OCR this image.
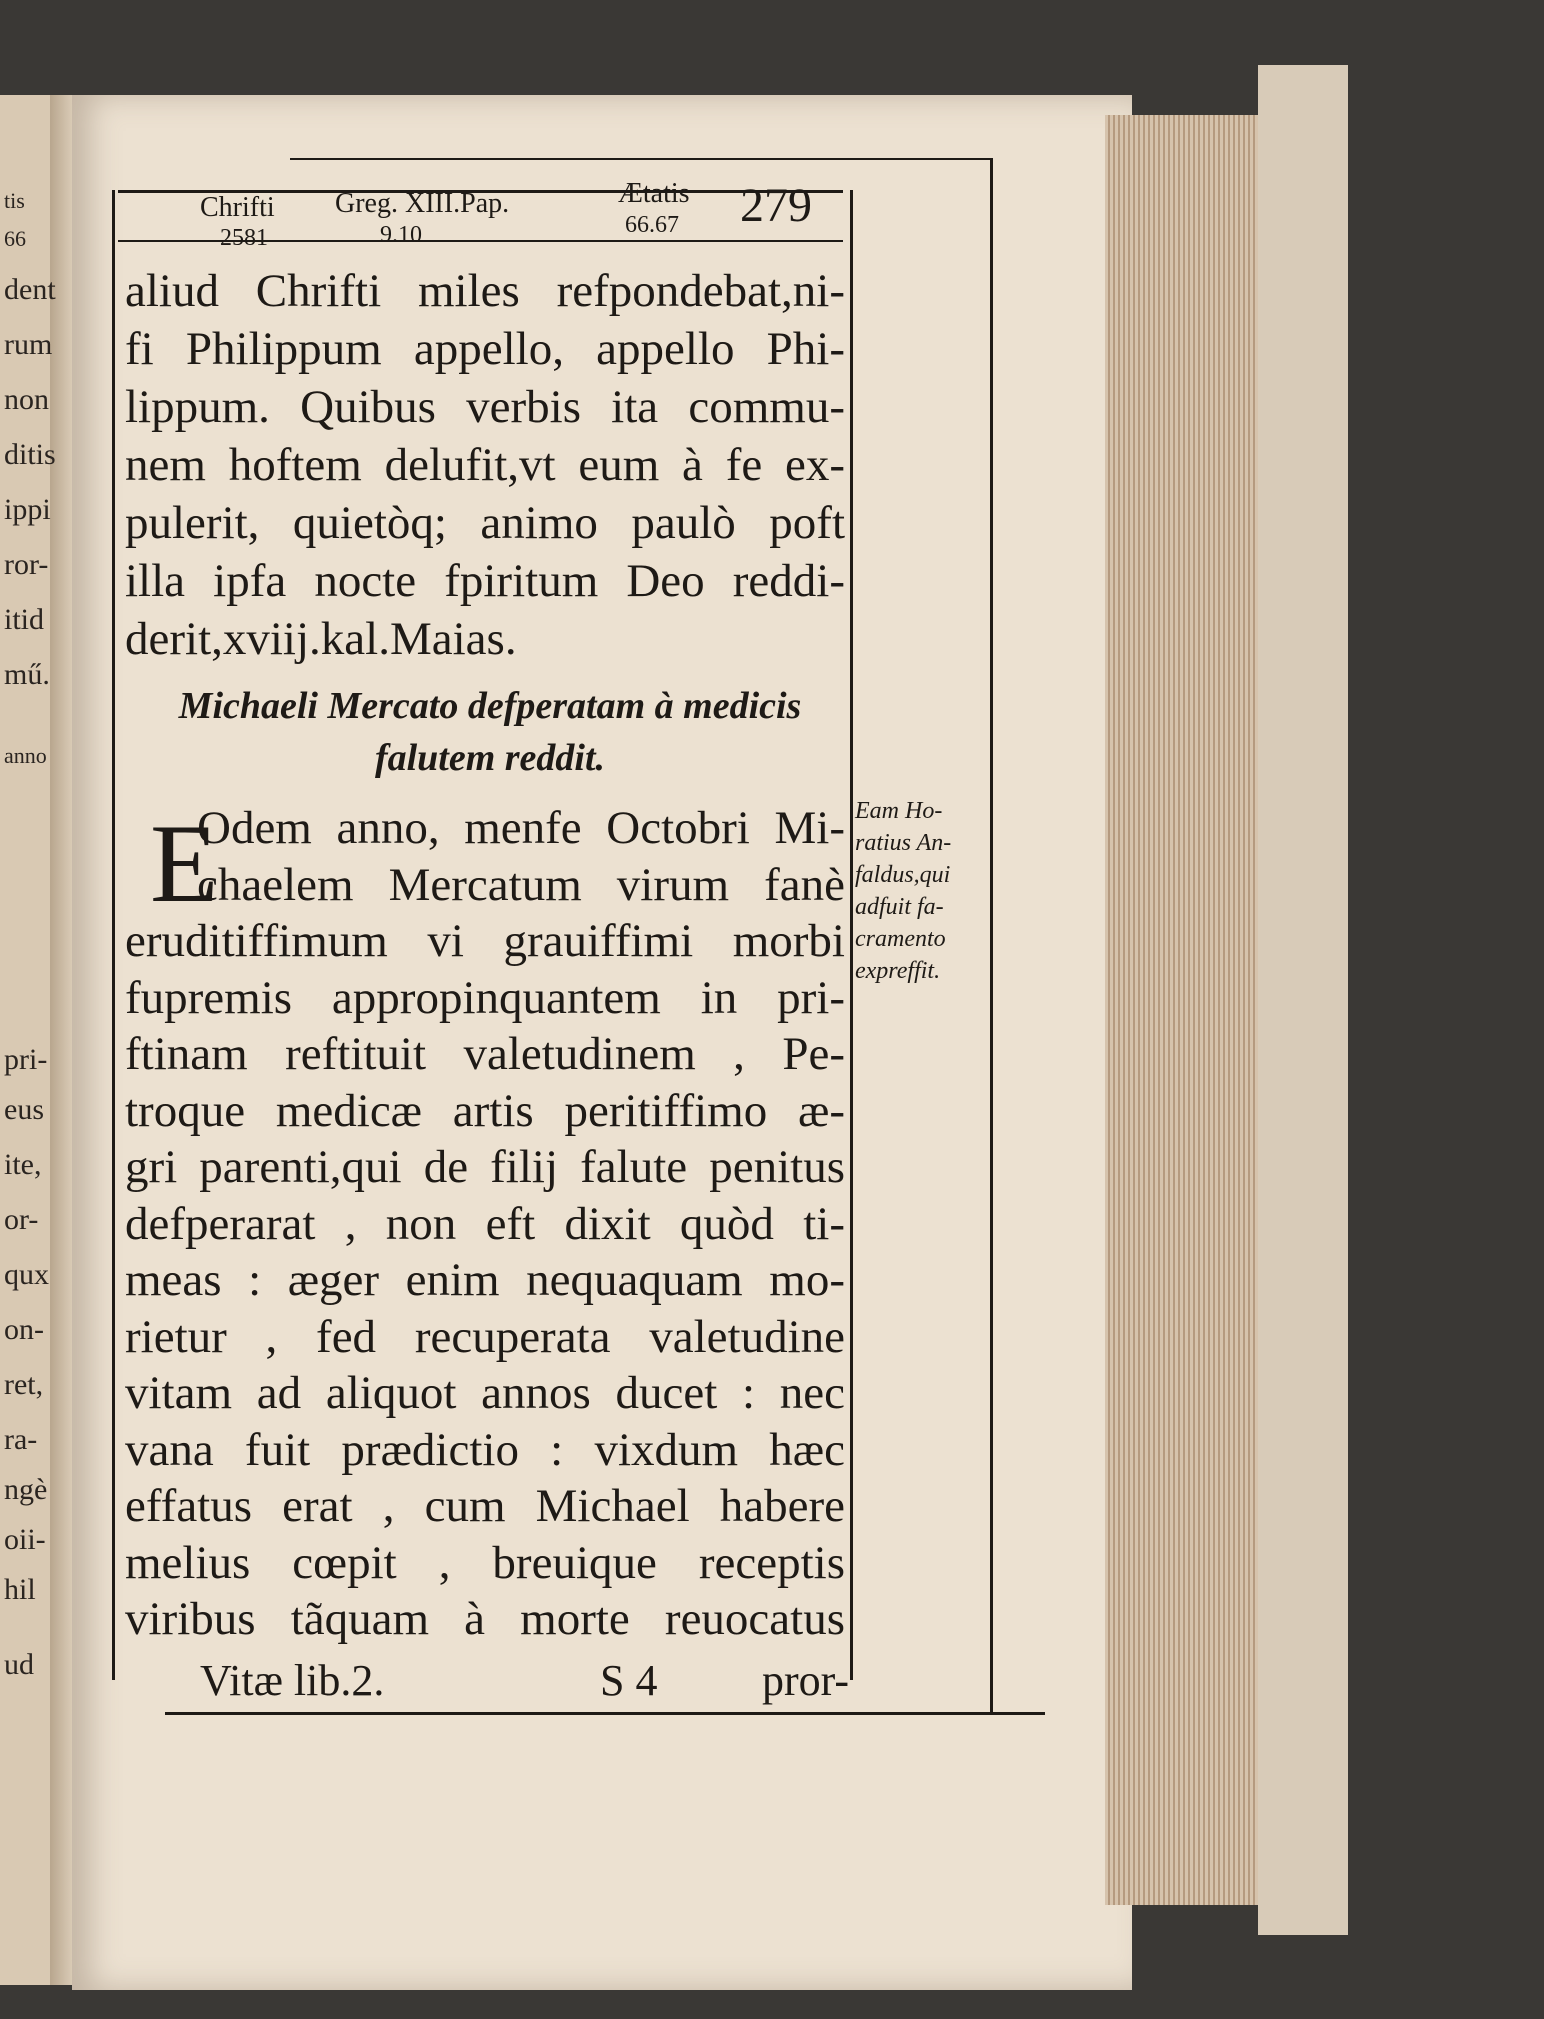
tis
66
dent
rum
non
ditis
ippi
ror-
itid
mű.
anno
pri-
eus
ite,
or-
qux
on-
ret,
ra-
ngè
oii-
hil
ud
Chrifti
2581
Greg. XIII.Pap.
9.10
Ætatis
66.67 279
aliud Chrifti miles refpondebat,ni-
fi Philippum appello, appello Phi-
lippum. Quibus verbis ita commu-
nem hoftem delufit,vt eum à fe ex-
pulerit, quietòq; animo paulò poft
illa ipfa nocte fpiritum Deo reddi-
derit,xviij.kal.Maias.
Michaeli Mercato defperatam à medicis
falutem reddit.
E
Odem anno, menfe Octobri Mi-
chaelem Mercatum virum fanè
eruditiffimum vi grauiffimi morbi
fupremis appropinquantem in pri-
ftinam reftituit valetudinem , Pe-
troque medicæ artis peritiffimo æ-
gri parenti,qui de filij falute penitus
defperarat , non eft dixit quòd ti-
meas : æger enim nequaquam mo-
rietur , fed recuperata valetudine
vitam ad aliquot annos ducet : nec
vana fuit prædictio : vixdum hæc
effatus erat , cum Michael habere
melius cœpit , breuique receptis
viribus tãquam à morte reuocatus
Eam Ho-
ratius An-
faldus,qui
adfuit fa-
cramento
expreffit.
Vitæ lib.2.	S 4 pror-
